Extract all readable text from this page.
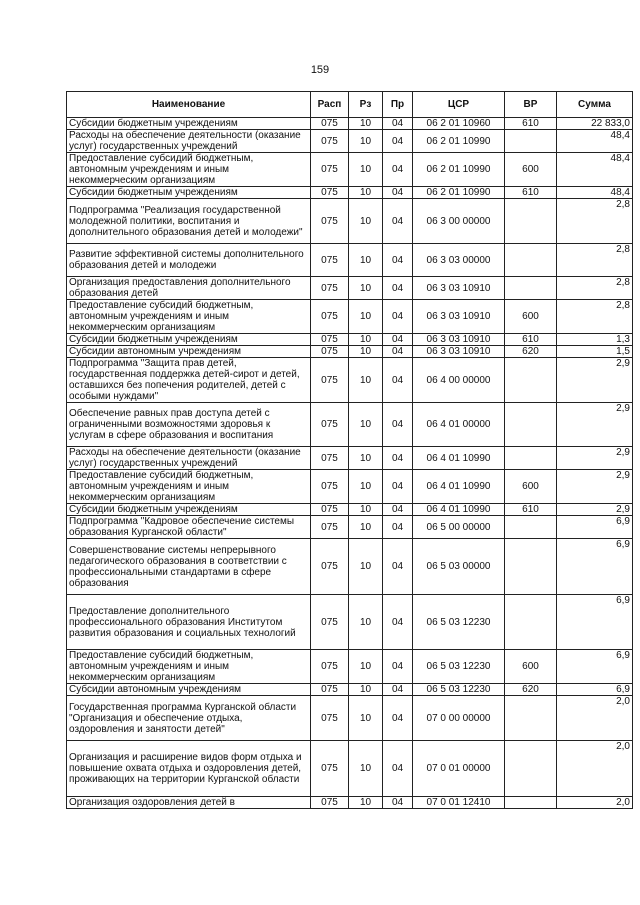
159
Наименование	Расп	Рз	Пр	ЦСР	ВР	Сумма
Субсидии бюджетным учреждениям	075	10	04	06 2 01 10960	610	22 833,0
Расходы на обеспечение деятельности (оказание услуг) государственных учреждений	075	10	04	06 2 01 10990		48,4
Предоставление субсидий бюджетным, автономным учреждениям и иным некоммерческим организациям	075	10	04	06 2 01 10990	600	48,4
Субсидии бюджетным учреждениям	075	10	04	06 2 01 10990	610	48,4
Подпрограмма "Реализация государственной молодежной политики, воспитания и дополнительного образования детей и молодежи"	075	10	04	06 3 00 00000		2,8
Развитие эффективной системы дополнительного образования детей и молодежи	075	10	04	06 3 03 00000		2,8
Организация предоставления дополнительного образования детей	075	10	04	06 3 03 10910		2,8
Предоставление субсидий бюджетным, автономным учреждениям и иным некоммерческим организациям	075	10	04	06 3 03 10910	600	2,8
Субсидии бюджетным учреждениям	075	10	04	06 3 03 10910	610	1,3
Субсидии автономным учреждениям	075	10	04	06 3 03 10910	620	1,5
Подпрограмма "Защита прав детей, государственная поддержка детей-сирот и детей, оставшихся без попечения родителей, детей с особыми нуждами"	075	10	04	06 4 00 00000		2,9
Обеспечение равных прав доступа детей с ограниченными возможностями здоровья к услугам в сфере образования и воспитания	075	10	04	06 4 01 00000		2,9
Расходы на обеспечение деятельности (оказание услуг) государственных учреждений	075	10	04	06 4 01 10990		2,9
Предоставление субсидий бюджетным, автономным учреждениям и иным некоммерческим организациям	075	10	04	06 4 01 10990	600	2,9
Субсидии бюджетным учреждениям	075	10	04	06 4 01 10990	610	2,9
Подпрограмма "Кадровое обеспечение системы образования Курганской области"	075	10	04	06 5 00 00000		6,9
Совершенствование системы непрерывного педагогического образования в соответствии с профессиональными стандартами в сфере образования	075	10	04	06 5 03 00000		6,9
Предоставление дополнительного профессионального образования Институтом развития образования и социальных технологий	075	10	04	06 5 03 12230		6,9
Предоставление субсидий бюджетным, автономным учреждениям и иным некоммерческим организациям	075	10	04	06 5 03 12230	600	6,9
Субсидии автономным учреждениям	075	10	04	06 5 03 12230	620	6,9
Государственная программа Курганской области "Организация и обеспечение отдыха, оздоровления и занятости детей"	075	10	04	07 0 00 00000		2,0
Организация и расширение видов форм отдыха и повышение охвата отдыха и оздоровления детей, проживающих на территории Курганской области	075	10	04	07 0 01 00000		2,0
Организация оздоровления детей в	075	10	04	07 0 01 12410		2,0
